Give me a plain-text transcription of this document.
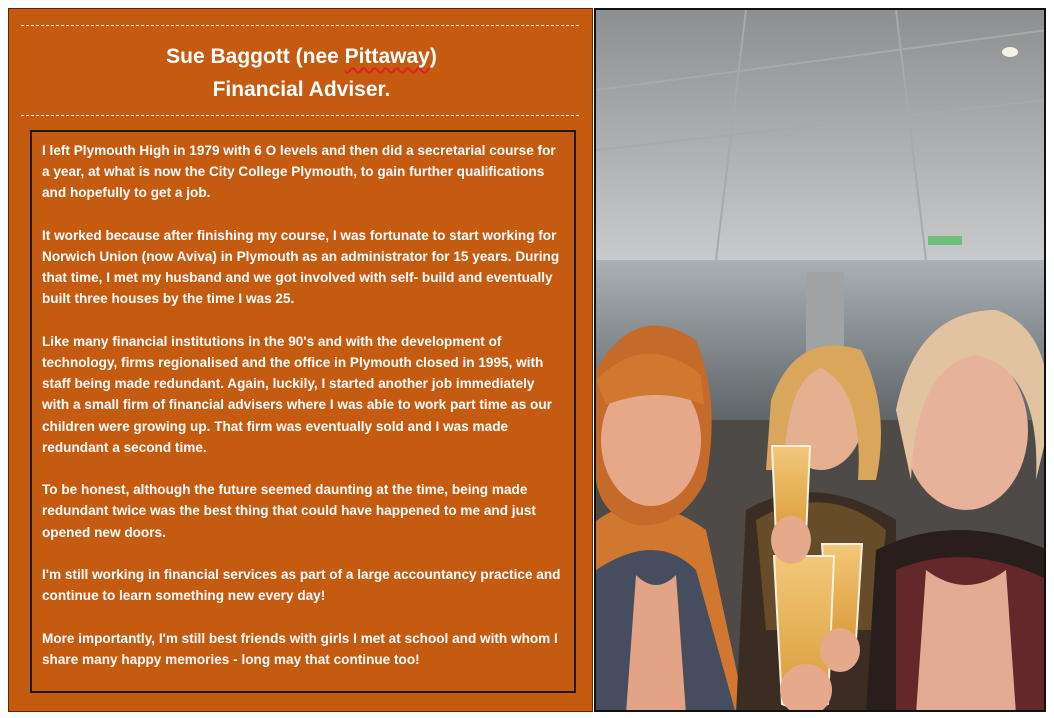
Sue Baggott (nee Pittaway)
Financial Adviser.

I left Plymouth High in 1979 with 6 O levels and then did a secretarial course for a year, at what is now the City College Plymouth, to gain further qualifications and hopefully to get a job.

It worked because after finishing my course, I was fortunate to start working for Norwich Union (now Aviva) in Plymouth as an administrator for 15 years. During that time, I met my husband and we got involved with self- build and eventually built three houses by the time I was 25.

Like many financial institutions in the 90's and with the development of technology, firms regionalised and the office in Plymouth closed in 1995, with staff being made redundant. Again, luckily, I started another job immediately with a small firm of financial advisers where I was able to work part time as our children were growing up. That firm was eventually sold and I was made redundant a second time.

To be honest, although the future seemed daunting at the time, being made redundant twice was the best thing that could have happened to me and just opened new doors.

I'm still working in financial services as part of a large accountancy practice and continue to learn something new every day!

More importantly, I'm still best friends with girls I met at school and with whom I share many happy memories - long may that continue too!
